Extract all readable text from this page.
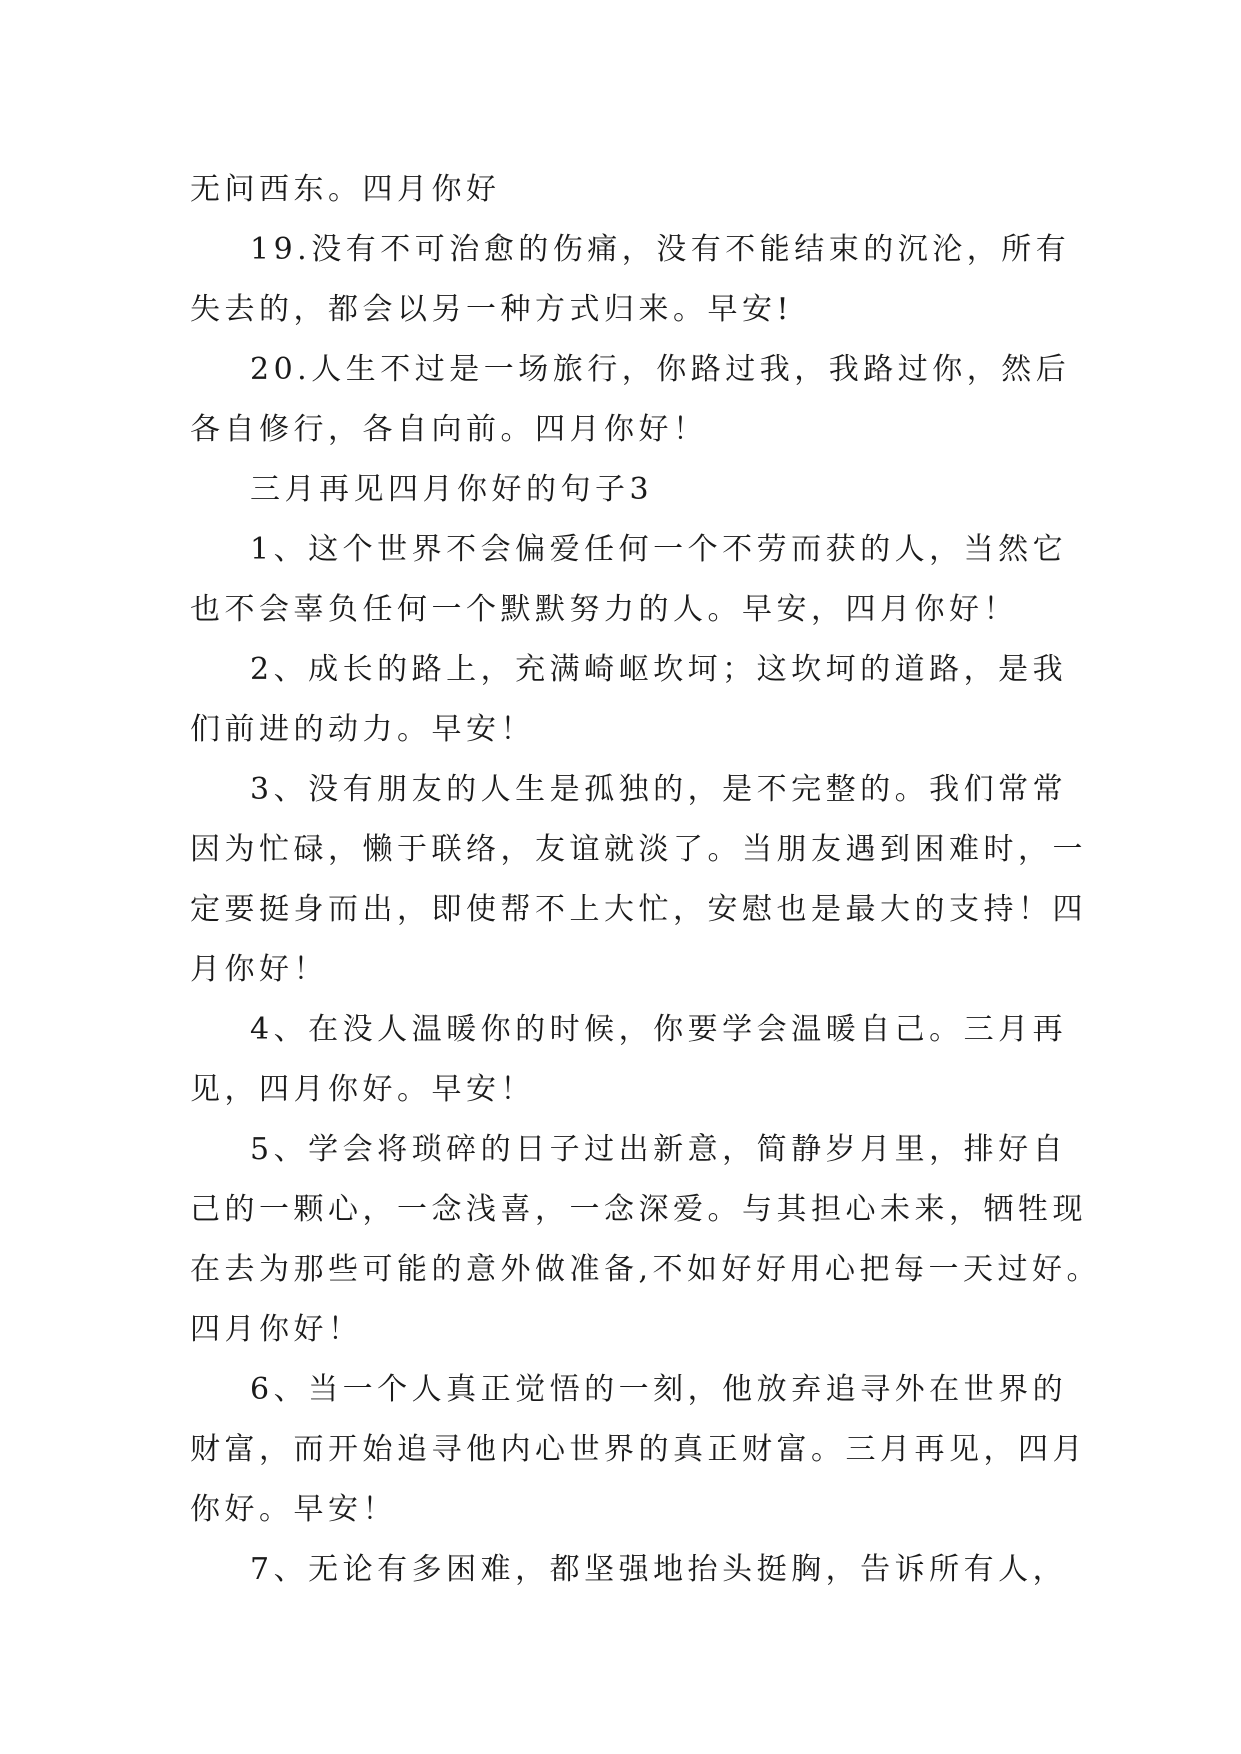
无问西东。四月你好
19.没有不可治愈的伤痛，没有不能结束的沉沦，所有
失去的，都会以另一种方式归来。早安!
20.人生不过是一场旅行，你路过我，我路过你，然后
各自修行，各自向前。四月你好！
三月再见四月你好的句子3
1、这个世界不会偏爱任何一个不劳而获的人，当然它
也不会辜负任何一个默默努力的人。早安，四月你好！
2、成长的路上，充满崎岖坎坷；这坎坷的道路，是我
们前进的动力。早安！
3、没有朋友的人生是孤独的，是不完整的。我们常常
因为忙碌，懒于联络，友谊就淡了。当朋友遇到困难时，一
定要挺身而出，即使帮不上大忙，安慰也是最大的支持！四
月你好！
4、在没人温暖你的时候，你要学会温暖自己。三月再
见，四月你好。早安！
5、学会将琐碎的日子过出新意，简静岁月里，排好自
己的一颗心，一念浅喜，一念深爱。与其担心未来，牺牲现
在去为那些可能的意外做准备,不如好好用心把每一天过好。
四月你好！
6、当一个人真正觉悟的一刻，他放弃追寻外在世界的
财富，而开始追寻他内心世界的真正财富。三月再见，四月
你好。早安！
7、无论有多困难，都坚强地抬头挺胸，告诉所有人，
